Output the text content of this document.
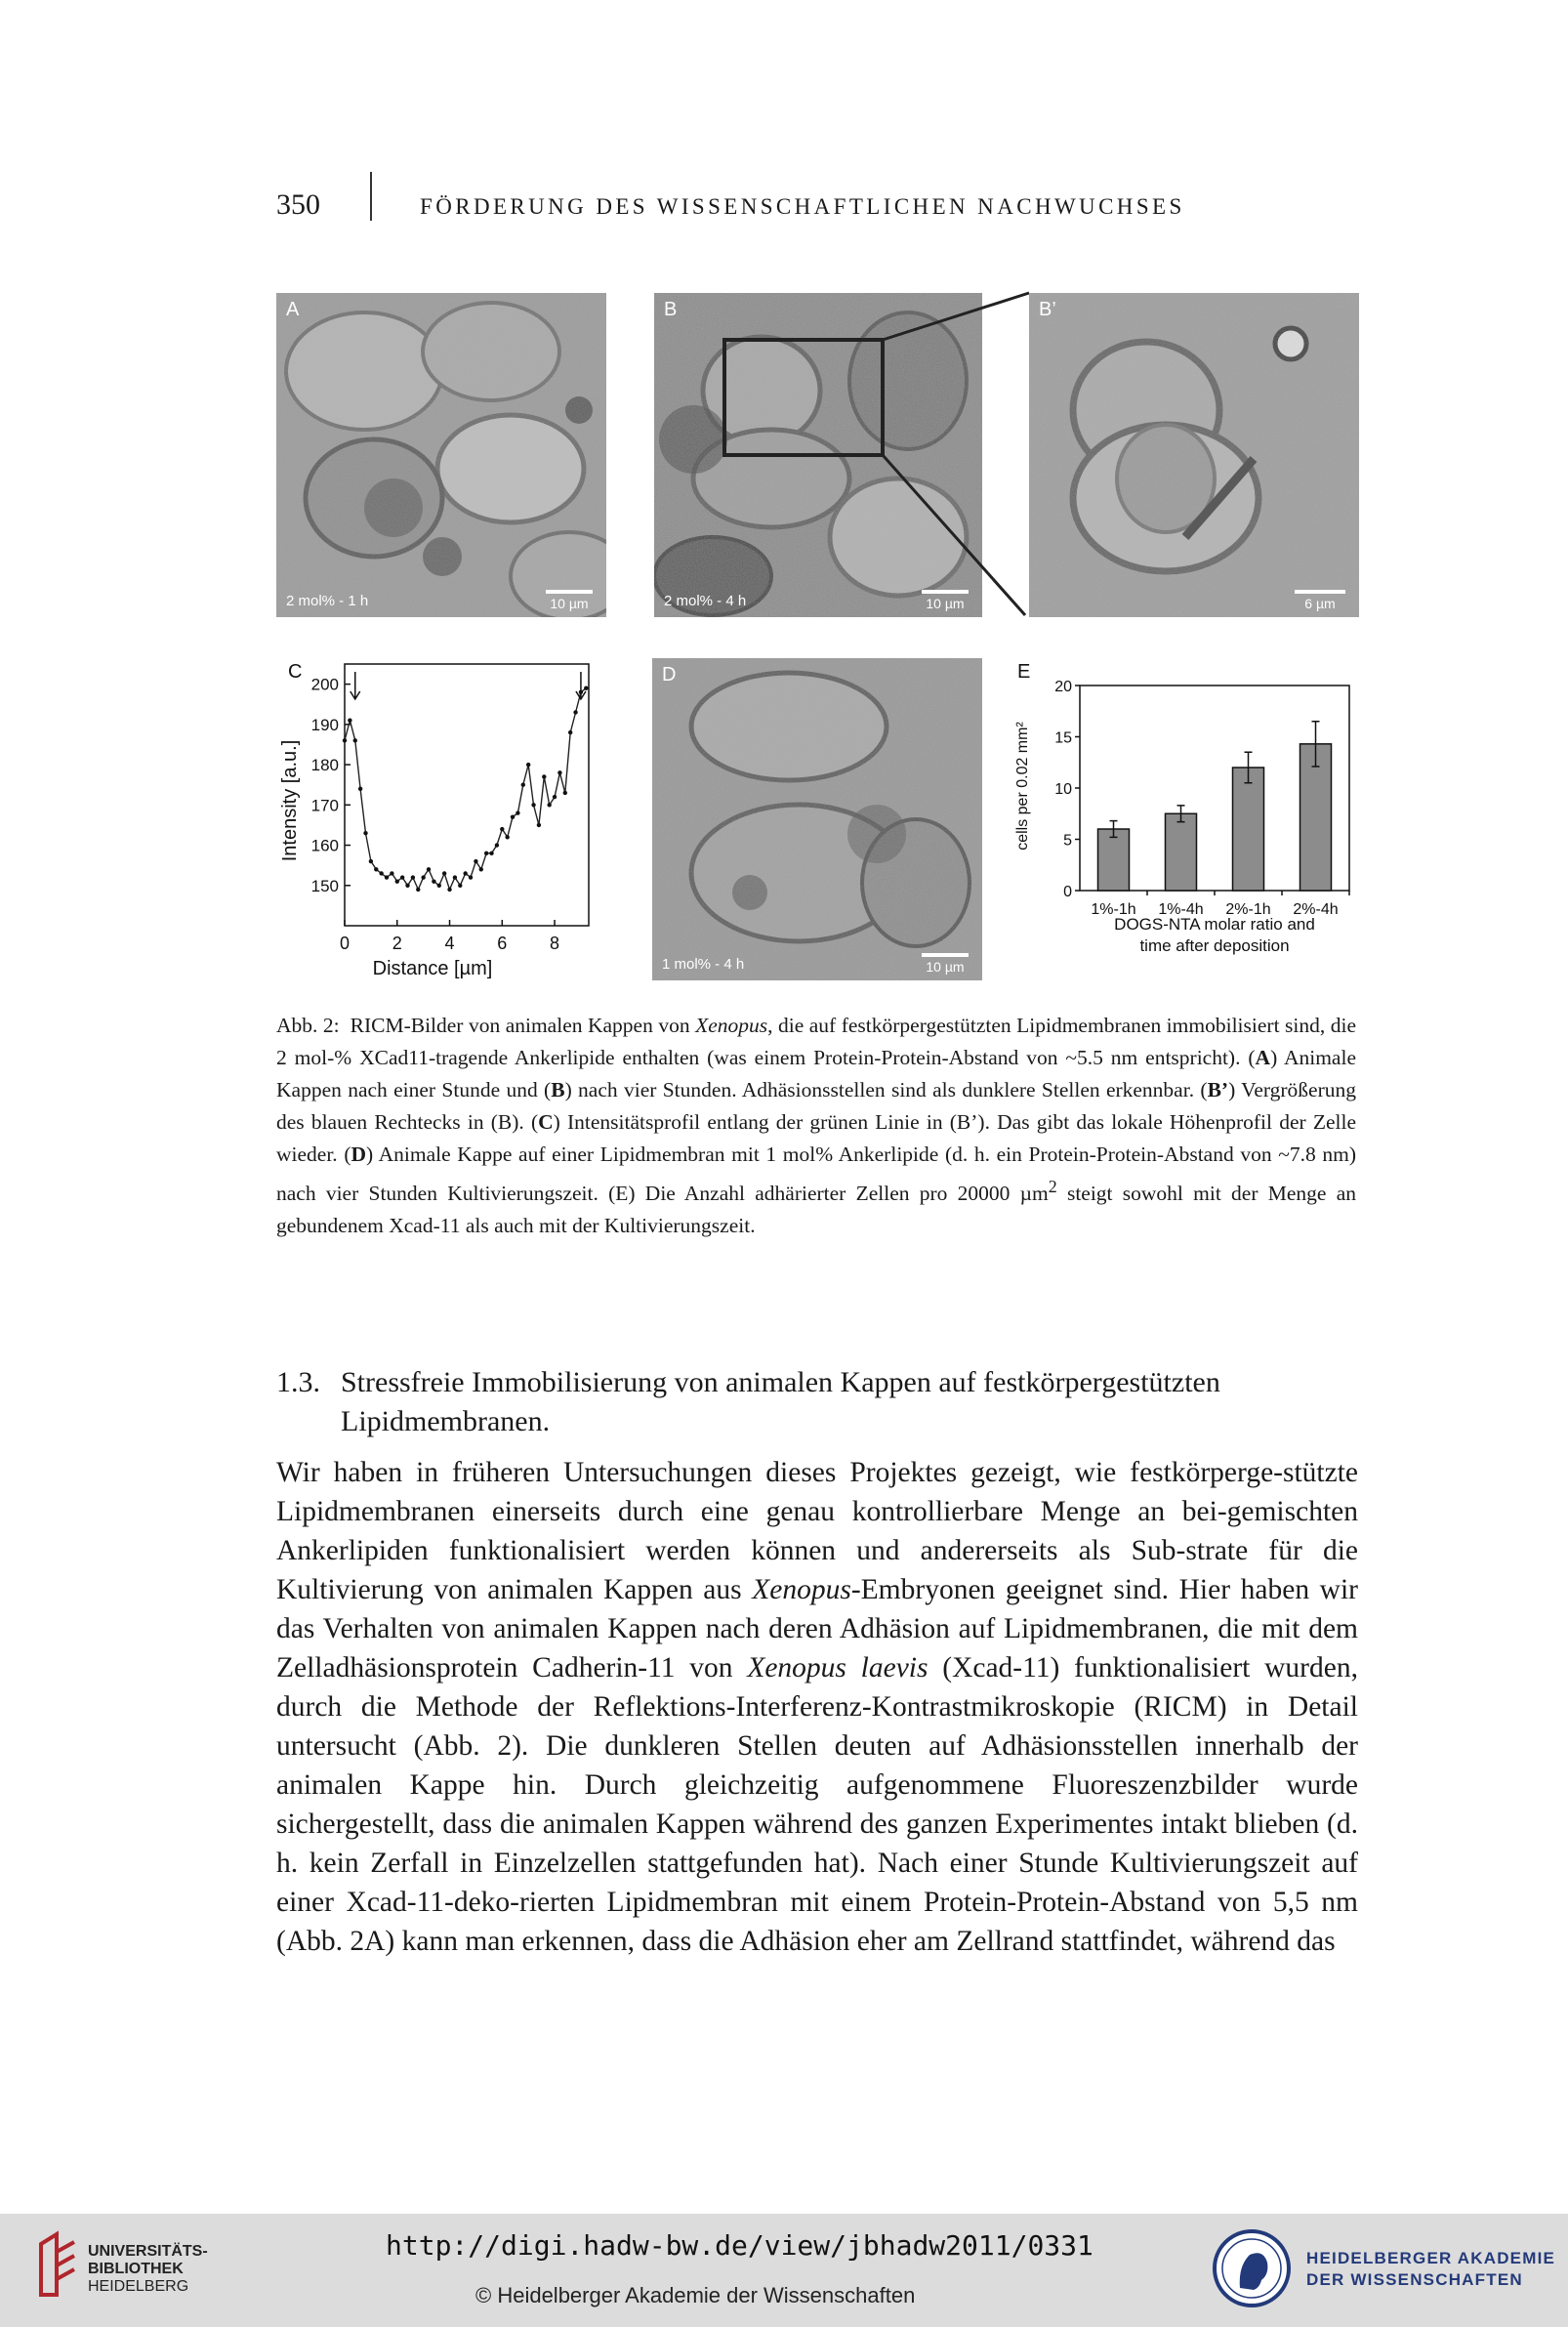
350	FÖRDERUNG DES WISSENSCHAFTLICHEN NACHWUCHSES
A
2 mol% - 1 h	10 µm
B
2 mol% - 4 h	10 µm
B’
6 µm
C
150
160
170
180
190
200
0 2 4 6 8
Intensity [a.u.]
Distance [µm]
D
1 mol% - 4 h	10 µm
E
0
5
10
15
20
1%-1h 1%-4h 2%-1h 2%-4h
cells per 0.02 mm²
DOGS-NTA molar ratio and
time after deposition

Abb. 2: RICM-Bilder von animalen Kappen von Xenopus, die auf festkörpergestützten Lipidmembranen immobilisiert sind, die 2 mol-% XCad11-tragende Ankerlipide enthalten (was einem Protein-Protein-Abstand von ~5.5 nm entspricht). (A) Animale Kappen nach einer Stunde und (B) nach vier Stunden. Adhäsionsstellen sind als dunklere Stellen erkennbar. (B’) Vergrößerung des blauen Rechtecks in (B). (C) Intensitätsprofil entlang der grünen Linie in (B’). Das gibt das lokale Höhenprofil der Zelle wieder. (D) Animale Kappe auf einer Lipidmembran mit 1 mol% Ankerlipide (d. h. ein Protein-Protein-Abstand von ~7.8 nm) nach vier Stunden Kultivierungszeit. (E) Die Anzahl adhärierter Zellen pro 20000 µm$^2$ steigt sowohl mit der Menge an gebundenem Xcad-11 als auch mit der Kultivierungszeit.

1.3. Stressfreie Immobilisierung von animalen Kappen auf festkörpergestützten
Lipidmembranen.

Wir haben in früheren Untersuchungen dieses Projektes gezeigt, wie festkörperge-stützte Lipidmembranen einerseits durch eine genau kontrollierbare Menge an bei-gemischten Ankerlipiden funktionalisiert werden können und andererseits als Sub-strate für die Kultivierung von animalen Kappen aus Xenopus-Embryonen geeignet sind. Hier haben wir das Verhalten von animalen Kappen nach deren Adhäsion auf Lipidmembranen, die mit dem Zelladhäsionsprotein Cadherin-11 von Xenopus laevis (Xcad-11) funktionalisiert wurden, durch die Methode der Reflektions-Interferenz-Kontrastmikroskopie (RICM) in Detail untersucht (Abb. 2). Die dunkleren Stellen deuten auf Adhäsionsstellen innerhalb der animalen Kappe hin. Durch gleichzeitig aufgenommene Fluoreszenzbilder wurde sichergestellt, dass die animalen Kappen während des ganzen Experimentes intakt blieben (d. h. kein Zerfall in Einzelzellen stattgefunden hat). Nach einer Stunde Kultivierungszeit auf einer Xcad-11-deko-rierten Lipidmembran mit einem Protein-Protein-Abstand von 5,5 nm (Abb. 2A) kann man erkennen, dass die Adhäsion eher am Zellrand stattfindet, während das

UNIVERSITÄTS-
BIBLIOTHEK
HEIDELBERG
http://digi.hadw-bw.de/view/jbhadw2011/0331
© Heidelberger Akademie der Wissenschaften
HEIDELBERGER AKADEMIE
DER WISSENSCHAFTEN
